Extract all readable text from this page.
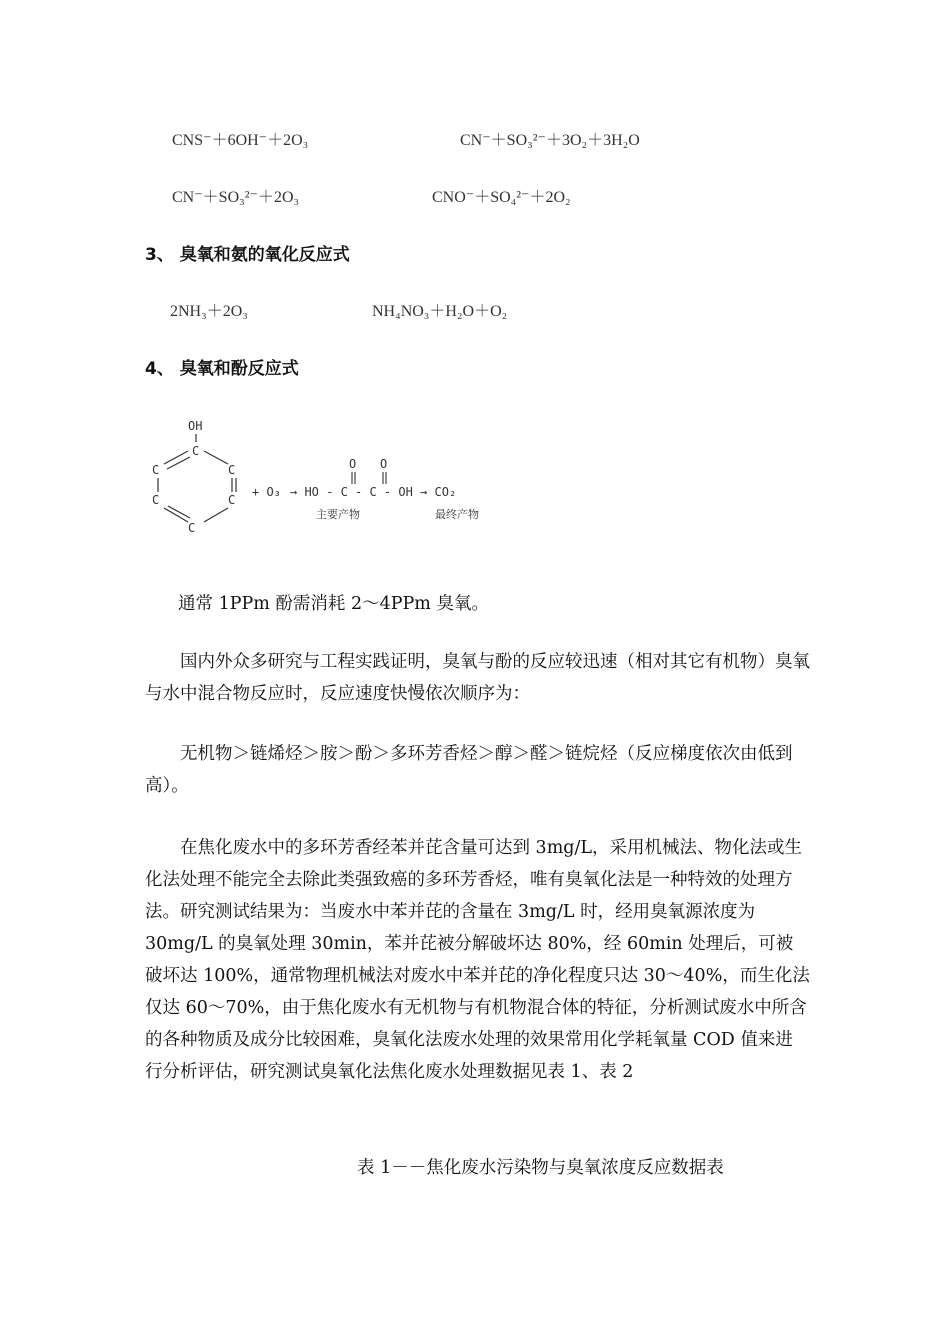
CNS⁻＋6OH⁻＋2O₃	CN⁻＋SO₃²⁻＋3O₂＋3H₂O
CN⁻＋SO₃²⁻＋2O₃	CNO⁻＋SO₄²⁻＋2O₂
3、 臭氧和氨的氧化反应式
2NH₃＋2O₃	NH₄NO₃＋H₂O＋O₂
4、 臭氧和酚反应式
OH
C
C	C
C	C
C
+ O₃ → HO - C - C - OH → CO₂
O O
主要产物	最终产物
通常 1PPm 酚需消耗 2～4PPm 臭氧。
国内外众多研究与工程实践证明，臭氧与酚的反应较迅速（相对其它有机物）臭氧与水中混合物反应时，反应速度快慢依次顺序为：
无机物＞链烯烃＞胺＞酚＞多环芳香烃＞醇＞醛＞链烷烃（反应梯度依次由低到高）。
在焦化废水中的多环芳香经苯并芘含量可达到 3mg/L，采用机械法、物化法或生化法处理不能完全去除此类强致癌的多环芳香烃，唯有臭氧化法是一种特效的处理方法。研究测试结果为：当废水中苯并芘的含量在 3mg/L 时，经用臭氧源浓度为 30mg/L 的臭氧处理 30min，苯并芘被分解破坏达 80%，经 60min 处理后，可被破坏达 100%，通常物理机械法对废水中苯并芘的净化程度只达 30～40%，而生化法仅达 60～70%，由于焦化废水有无机物与有机物混合体的特征，分析测试废水中所含的各种物质及成分比较困难，臭氧化法废水处理的效果常用化学耗氧量 COD 值来进行分析评估，研究测试臭氧化法焦化废水处理数据见表 1、表 2
表 1－－焦化废水污染物与臭氧浓度反应数据表
